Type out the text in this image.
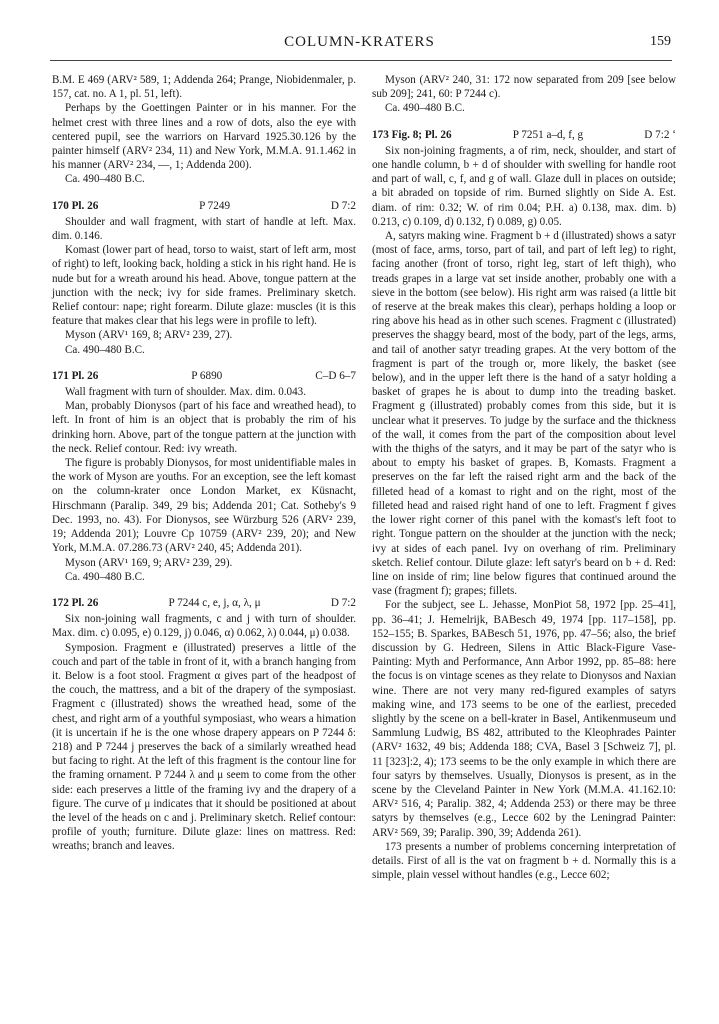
COLUMN-KRATERS	159

B.M. E 469 (ARV² 589, 1; Addenda 264; Prange, Niobidenmaler, p. 157, cat. no. A 1, pl. 51, left).

Perhaps by the Goettingen Painter or in his manner. For the helmet crest with three lines and a row of dots, also the eye with centered pupil, see the warriors on Harvard 1925.30.126 by the painter himself (ARV² 234, 11) and New York, M.M.A. 91.1.462 in his manner (ARV² 234, —, 1; Addenda 200).

Ca. 490–480 B.C.

170 Pl. 26	P 7249	D 7:2

Shoulder and wall fragment, with start of handle at left. Max. dim. 0.146.

Komast (lower part of head, torso to waist, start of left arm, most of right) to left, looking back, holding a stick in his right hand. He is nude but for a wreath around his head. Above, tongue pattern at the junction with the neck; ivy for side frames. Preliminary sketch. Relief contour: nape; right forearm. Dilute glaze: muscles (it is this feature that makes clear that his legs were in profile to left).

Myson (ARV¹ 169, 8; ARV² 239, 27).

Ca. 490–480 B.C.

171 Pl. 26	P 6890	C–D 6–7

Wall fragment with turn of shoulder. Max. dim. 0.043.

Man, probably Dionysos (part of his face and wreathed head), to left. In front of him is an object that is probably the rim of his drinking horn. Above, part of the tongue pattern at the junction with the neck. Relief contour. Red: ivy wreath.

The figure is probably Dionysos, for most unidentifiable males in the work of Myson are youths. For an exception, see the left komast on the column-krater once London Market, ex Küsnacht, Hirschmann (Paralip. 349, 29 bis; Addenda 201; Cat. Sotheby's 9 Dec. 1993, no. 43). For Dionysos, see Würzburg 526 (ARV² 239, 19; Addenda 201); Louvre Cp 10759 (ARV² 239, 20); and New York, M.M.A. 07.286.73 (ARV² 240, 45; Addenda 201).

Myson (ARV¹ 169, 9; ARV² 239, 29).

Ca. 490–480 B.C.

172 Pl. 26	P 7244 c, e, j, α, λ, μ	D 7:2

Six non-joining wall fragments, c and j with turn of shoulder. Max. dim. c) 0.095, e) 0.129, j) 0.046, α) 0.062, λ) 0.044, μ) 0.038.

Symposion. Fragment e (illustrated) preserves a little of the couch and part of the table in front of it, with a branch hanging from it. Below is a foot stool. Fragment α gives part of the headpost of the couch, the mattress, and a bit of the drapery of the symposiast. Fragment c (illustrated) shows the wreathed head, some of the chest, and right arm of a youthful symposiast, who wears a himation (it is uncertain if he is the one whose drapery appears on P 7244 δ: 218) and P 7244 j preserves the back of a similarly wreathed head but facing to right. At the left of this fragment is the contour line for the framing ornament. P 7244 λ and μ seem to come from the other side: each preserves a little of the framing ivy and the drapery of a figure. The curve of μ indicates that it should be positioned at about the level of the heads on c and j. Preliminary sketch. Relief contour: profile of youth; furniture. Dilute glaze: lines on mattress. Red: wreaths; branch and leaves.

Myson (ARV² 240, 31: 172 now separated from 209 [see below sub 209]; 241, 60: P 7244 c).

Ca. 490–480 B.C.

173 Fig. 8; Pl. 26	P 7251 a–d, f, g	D 7:2 ‘

Six non-joining fragments, a of rim, neck, shoulder, and start of one handle column, b + d of shoulder with swelling for handle root and part of wall, c, f, and g of wall. Glaze dull in places on outside; a bit abraded on topside of rim. Burned slightly on Side A. Est. diam. of rim: 0.32; W. of rim 0.04; P.H. a) 0.138, max. dim. b) 0.213, c) 0.109, d) 0.132, f) 0.089, g) 0.05.

A, satyrs making wine. Fragment b + d (illustrated) shows a satyr (most of face, arms, torso, part of tail, and part of left leg) to right, facing another (front of torso, right leg, start of left thigh), who treads grapes in a large vat set inside another, probably one with a sieve in the bottom (see below). His right arm was raised (a little bit of reserve at the break makes this clear), perhaps holding a loop or ring above his head as in other such scenes. Fragment c (illustrated) preserves the shaggy beard, most of the body, part of the legs, arms, and tail of another satyr treading grapes. At the very bottom of the fragment is part of the trough or, more likely, the basket (see below), and in the upper left there is the hand of a satyr holding a basket of grapes he is about to dump into the treading basket. Fragment g (illustrated) probably comes from this side, but it is unclear what it preserves. To judge by the surface and the thickness of the wall, it comes from the part of the composition about level with the thighs of the satyrs, and it may be part of the satyr who is about to empty his basket of grapes. B, Komasts. Fragment a preserves on the far left the raised right arm and the back of the filleted head of a komast to right and on the right, most of the filleted head and raised right hand of one to left. Fragment f gives the lower right corner of this panel with the komast's left foot to right. Tongue pattern on the shoulder at the junction with the neck; ivy at sides of each panel. Ivy on overhang of rim. Preliminary sketch. Relief contour. Dilute glaze: left satyr's beard on b + d. Red: line on inside of rim; line below figures that continued around the vase (fragment f); grapes; fillets.

For the subject, see L. Jehasse, MonPiot 58, 1972 [pp. 25–41], pp. 36–41; J. Hemelrijk, BABesch 49, 1974 [pp. 117–158], pp. 152–155; B. Sparkes, BABesch 51, 1976, pp. 47–56; also, the brief discussion by G. Hedreen, Silens in Attic Black-Figure Vase-Painting: Myth and Performance, Ann Arbor 1992, pp. 85–88: here the focus is on vintage scenes as they relate to Dionysos and Naxian wine. There are not very many red-figured examples of satyrs making wine, and 173 seems to be one of the earliest, preceded slightly by the scene on a bell-krater in Basel, Antikenmuseum und Sammlung Ludwig, BS 482, attributed to the Kleophrades Painter (ARV² 1632, 49 bis; Addenda 188; CVA, Basel 3 [Schweiz 7], pl. 11 [323]:2, 4); 173 seems to be the only example in which there are four satyrs by themselves. Usually, Dionysos is present, as in the scene by the Cleveland Painter in New York (M.M.A. 41.162.10: ARV² 516, 4; Paralip. 382, 4; Addenda 253) or there may be three satyrs by themselves (e.g., Lecce 602 by the Leningrad Painter: ARV² 569, 39; Paralip. 390, 39; Addenda 261).

173 presents a number of problems concerning interpretation of details. First of all is the vat on fragment b + d. Normally this is a simple, plain vessel without handles (e.g., Lecce 602;
